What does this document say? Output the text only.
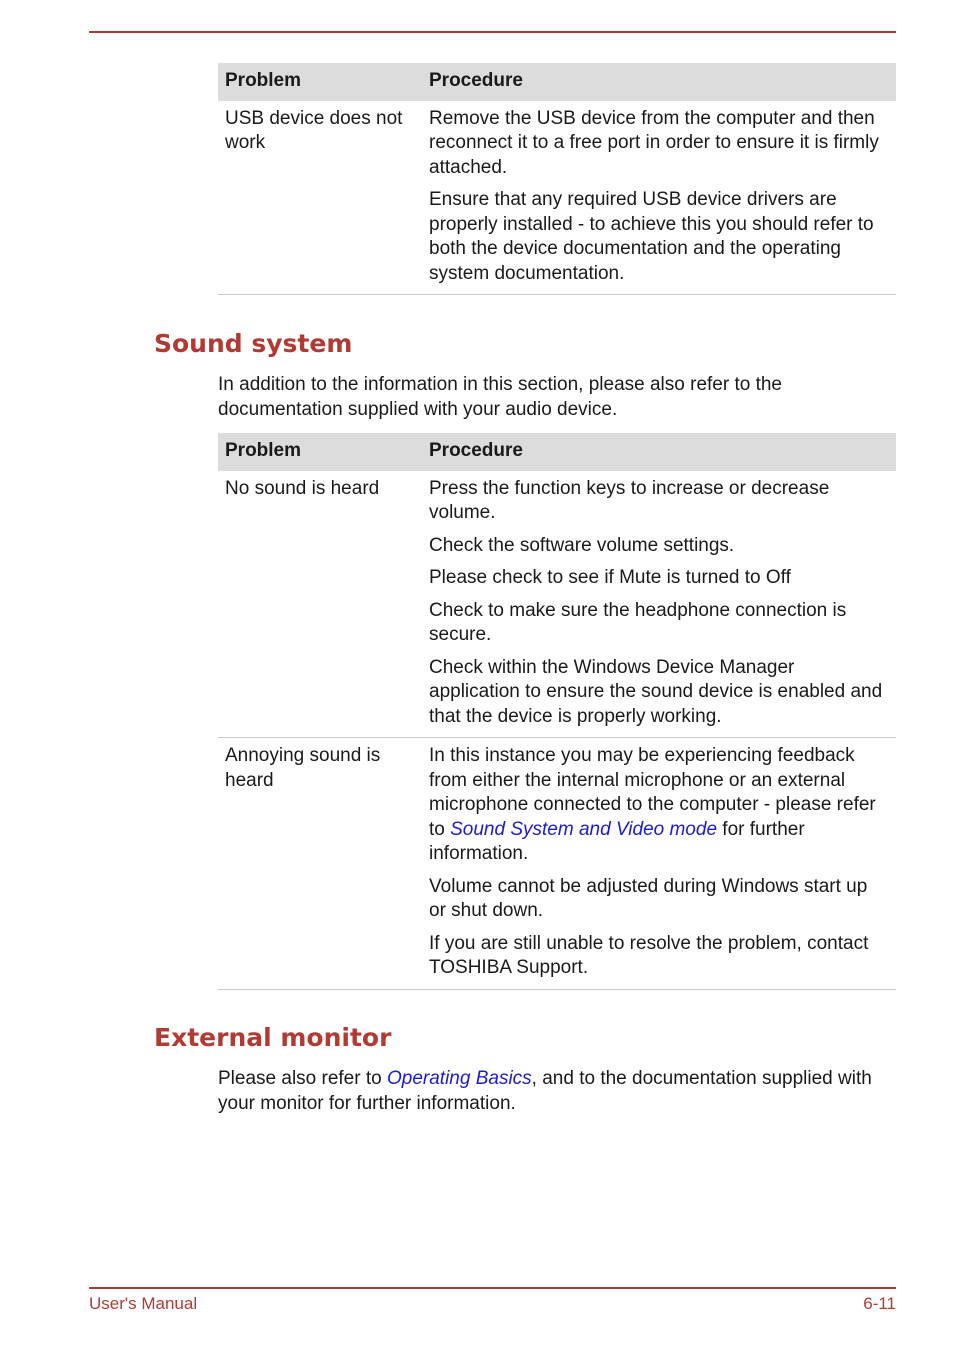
Problem	Procedure
USB device does not work	Remove the USB device from the computer and then reconnect it to a free port in order to ensure it is firmly attached.

Ensure that any required USB device drivers are properly installed - to achieve this you should refer to both the device documentation and the operating system documentation.

Sound system

In addition to the information in this section, please also refer to the documentation supplied with your audio device.

Problem	Procedure
No sound is heard	Press the function keys to increase or decrease volume.

Check the software volume settings.

Please check to see if Mute is turned to Off

Check to make sure the headphone connection is secure.

Check within the Windows Device Manager application to ensure the sound device is enabled and that the device is properly working.

Annoying sound is heard	In this instance you may be experiencing feedback from either the internal microphone or an external microphone connected to the computer - please refer to Sound System and Video mode for further information.

Volume cannot be adjusted during Windows start up or shut down.

If you are still unable to resolve the problem, contact TOSHIBA Support.

External monitor

Please also refer to Operating Basics, and to the documentation supplied with your monitor for further information.

User's Manual	6-11
